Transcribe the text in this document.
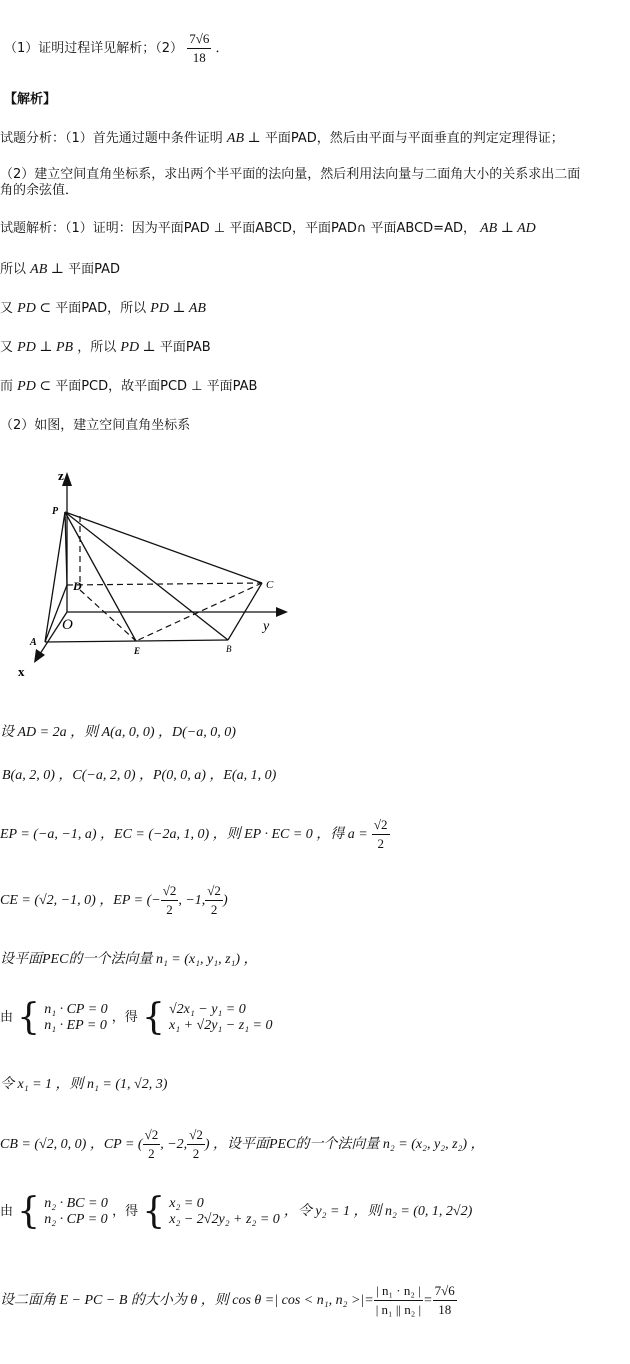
（1）证明过程详见解析；$(2) \frac{7√6}{18}$ ．
【解析】
试题分析：（1）首先通过题中条件证明 AB ⊥ 平面PAD，然后由平面与平面垂直的判定定理得证；
（2）建立空间直角坐标系，求出两个半平面的法向量，然后利用法向量与二面角大小的关系求出二面
角的余弦值．
试题解析：（1）证明：因为平面PAD ⊥ 平面ABCD，平面PAD∩ 平面ABCD=AD， AB ⊥ AD
所以 AB ⊥ 平面PAD
又 PD ⊂ 平面PAD，所以 PD ⊥ AB
又 PD ⊥ PB ，所以 PD ⊥ 平面PAB
而 PD ⊂ 平面PCD，故平面PCD ⊥ 平面PAB
（2）如图，建立空间直角坐标系
z
P
D
O
C
y
A
E	B
x
设 AD = 2a ，则 A(a, 0, 0) ，D(−a, 0, 0)
B(a, 2, 0) ，C(−a, 2, 0) ，P(0, 0, a) ，E(a, 1, 0)
EP = (−a, −1, a) ，EC = (−2a, 1, 0) ，则 EP · EC = 0 ，得 $a = \frac{√2}{2}$
CE = (√2, −1, 0) ，EP = (− $\frac{√2}{2}$ , −1, $\frac{√2}{2}$ )
设平面PEC的一个法向量 n₁ = (x₁, y₁, z₁) ，
由 { n₁ · CP = 0
n₁ · EP = 0
，得 { √2x₁ − y₁ = 0
x₁ + √2y₁ − z₁ = 0
令 x₁ = 1 ，则 n₁ = (1, √2, 3)
CB = (√2, 0, 0) ，CP = ( $\frac{√2}{2}$ , −2, $\frac{√2}{2}$ ) ，设平面PEC的一个法向量 n₂ = (x₂, y₂, z₂) ，
由 { n₂ · BC = 0
n₂ · CP = 0
，得 { x₂ = 0
x₂ − 2√2y₂ + z₂ = 0
，令 y₂ = 1 ，则 n₂ = (0, 1, 2√2)
设二面角 E − PC − B 的大小为 θ ，则 cos θ =| cos < n₁, n₂ >|= $\frac{\text{| n₁ · n₂ |}}{\text{| n₁ || n₂ |}} = \frac{7√6}{18}$
